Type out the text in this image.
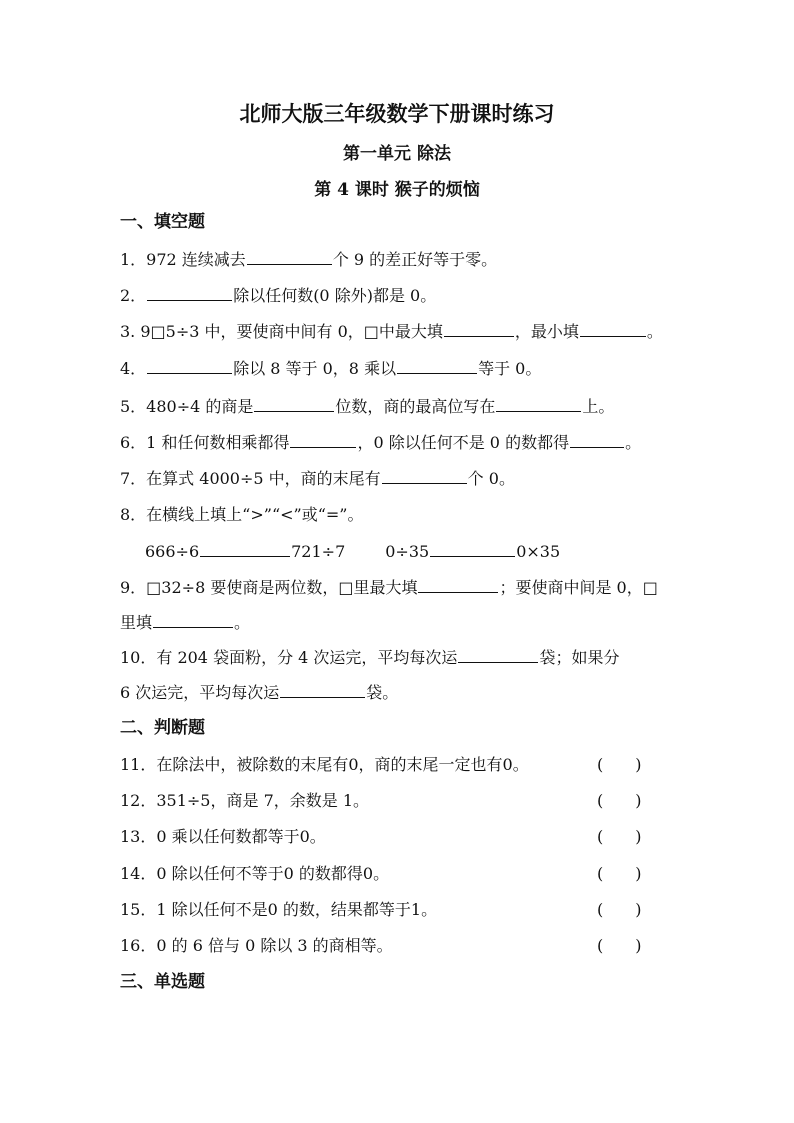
北师大版三年级数学下册课时练习
第一单元 除法
第 4 课时 猴子的烦恼
一、填空题
1．972 连续减去	个 9 的差正好等于零。
2．	除以任何数(0 除外)都是 0。
3. 9□5÷3 中，要使商中间有 0，□中最大填	，最小填	。
4．	除以 8 等于 0，8 乘以	等于 0。
5．480÷4 的商是	位数，商的最高位写在	上。
6．1 和任何数相乘都得	，0 除以任何不是 0 的数都得	。
7．在算式 4000÷5 中，商的末尾有	个 0。
8．在横线上填上“>”“<”或“=”。
666÷6	721÷7	0÷35	0×35
9．□32÷8 要使商是两位数，□里最大填	；要使商中间是 0，□
里填	。
10．有 204 袋面粉，分 4 次运完，平均每次运	袋；如果分
6 次运完，平均每次运	袋。
二、判断题
11．在除法中，被除数的末尾有0，商的末尾一定也有0。	(　　)
12．351÷5，商是 7，余数是 1。	(　　)
13．0 乘以任何数都等于0。	(　　)
14．0 除以任何不等于0 的数都得0。	(　　)
15．1 除以任何不是0 的数，结果都等于1。	(　　)
16．0 的 6 倍与 0 除以 3 的商相等。	(　　)
三、单选题
